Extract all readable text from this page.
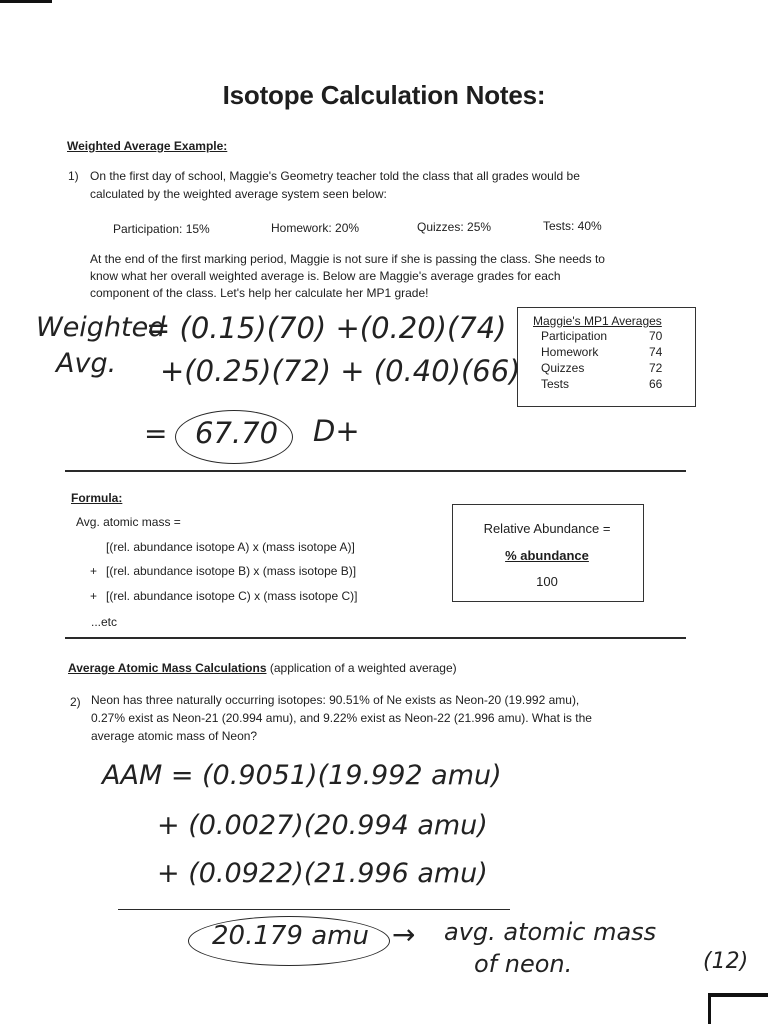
Isotope Calculation Notes:
Weighted Average Example:
1) On the first day of school, Maggie's Geometry teacher told the class that all grades would be
calculated by the weighted average system seen below:
Participation: 15%	Homework: 20%	Quizzes: 25%	Tests: 40%
At the end of the first marking period, Maggie is not sure if she is passing the class. She needs to
know what her overall weighted average is. Below are Maggie's average grades for each
component of the class. Let's help her calculate her MP1 grade!
Maggie's MP1 Averages
Participation	70
Homework	74
Quizzes	72
Tests	66
Weighted
Avg.
= (0.15)(70) +(0.20)(74)
+(0.25)(72) + (0.40)(66)
= 67.70 D+
Formula:
Avg. atomic mass =
[(rel. abundance isotope A) x (mass isotope A)]
+ [(rel. abundance isotope B) x (mass isotope B)]
+ [(rel. abundance isotope C) x (mass isotope C)]
...etc
Relative Abundance =
% abundance
100
Average Atomic Mass Calculations (application of a weighted average)
2) Neon has three naturally occurring isotopes: 90.51% of Ne exists as Neon-20 (19.992 amu),
0.27% exist as Neon-21 (20.994 amu), and 9.22% exist as Neon-22 (21.996 amu). What is the
average atomic mass of Neon?
AAM = (0.9051)(19.992 amu)
+ (0.0027)(20.994 amu)
+ (0.0922)(21.996 amu)
20.179 amu → avg. atomic mass
of neon.	(12)
